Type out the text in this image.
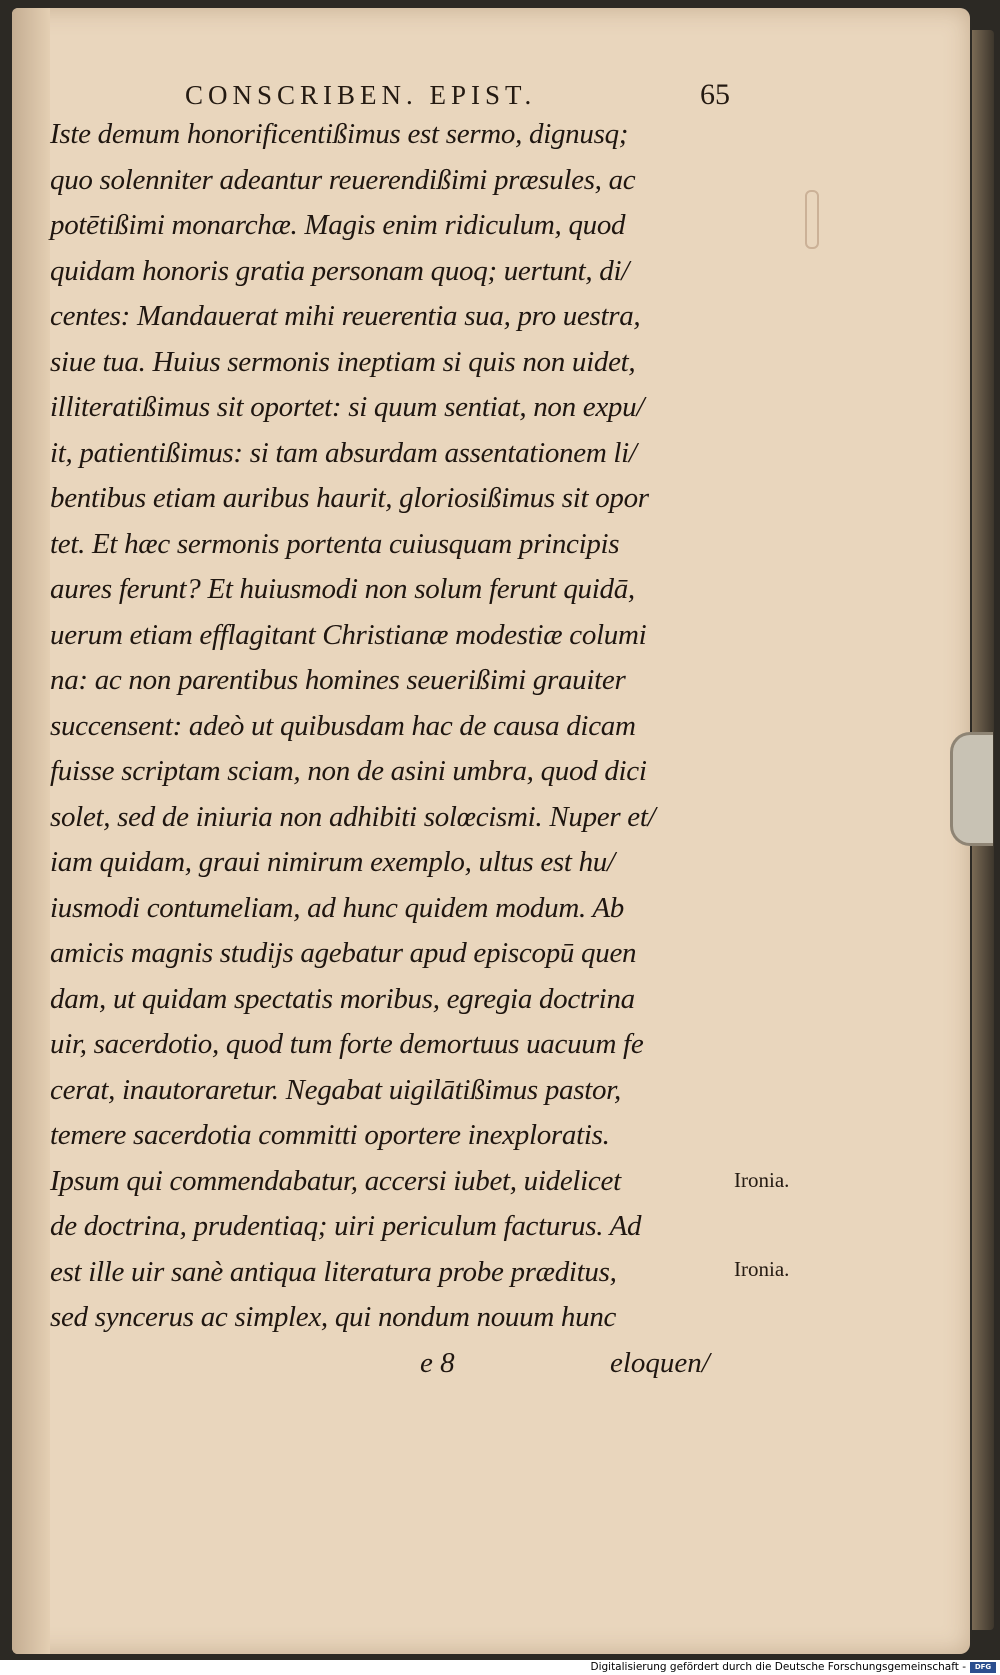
CONSCRIBEN. EPIST.	65
Iste demum honorificentißimus est sermo, dignusq;
quo solenniter adeantur reuerendißimi præsules, ac
potētißimi monarchæ. Magis enim ridiculum, quod
quidam honoris gratia personam quoq; uertunt, di/
centes: Mandauerat mihi reuerentia sua, pro uestra,
siue tua. Huius sermonis ineptiam si quis non uidet,
illiteratißimus sit oportet: si quum sentiat, non expu/
it, patientißimus: si tam absurdam assentationem li/
bentibus etiam auribus haurit, gloriosißimus sit opor
tet. Et hæc sermonis portenta cuiusquam principis
aures ferunt? Et huiusmodi non solum ferunt quidā,
uerum etiam efflagitant Christianæ modestiæ columi
na: ac non parentibus homines seuerißimi grauiter
succensent: adeò ut quibusdam hac de causa dicam
fuisse scriptam sciam, non de asini umbra, quod dici
solet, sed de iniuria non adhibiti solœcismi. Nuper et/
iam quidam, graui nimirum exemplo, ultus est hu/
iusmodi contumeliam, ad hunc quidem modum. Ab
amicis magnis studijs agebatur apud episcopū quen
dam, ut quidam spectatis moribus, egregia doctrina
uir, sacerdotio, quod tum forte demortuus uacuum fe
cerat, inautoraretur. Negabat uigilātißimus pastor,
temere sacerdotia committi oportere inexploratis.
Ipsum qui commendabatur, accersi iubet, uidelicet
de doctrina, prudentiaq; uiri periculum facturus. Ad
est ille uir sanè antiqua literatura probe præditus,
sed syncerus ac simplex, qui nondum nouum hunc
Ironia.
Ironia.
e 8	eloquen/
Digitalisierung gefördert durch die Deutsche Forschungsgemeinschaft -	DFG
